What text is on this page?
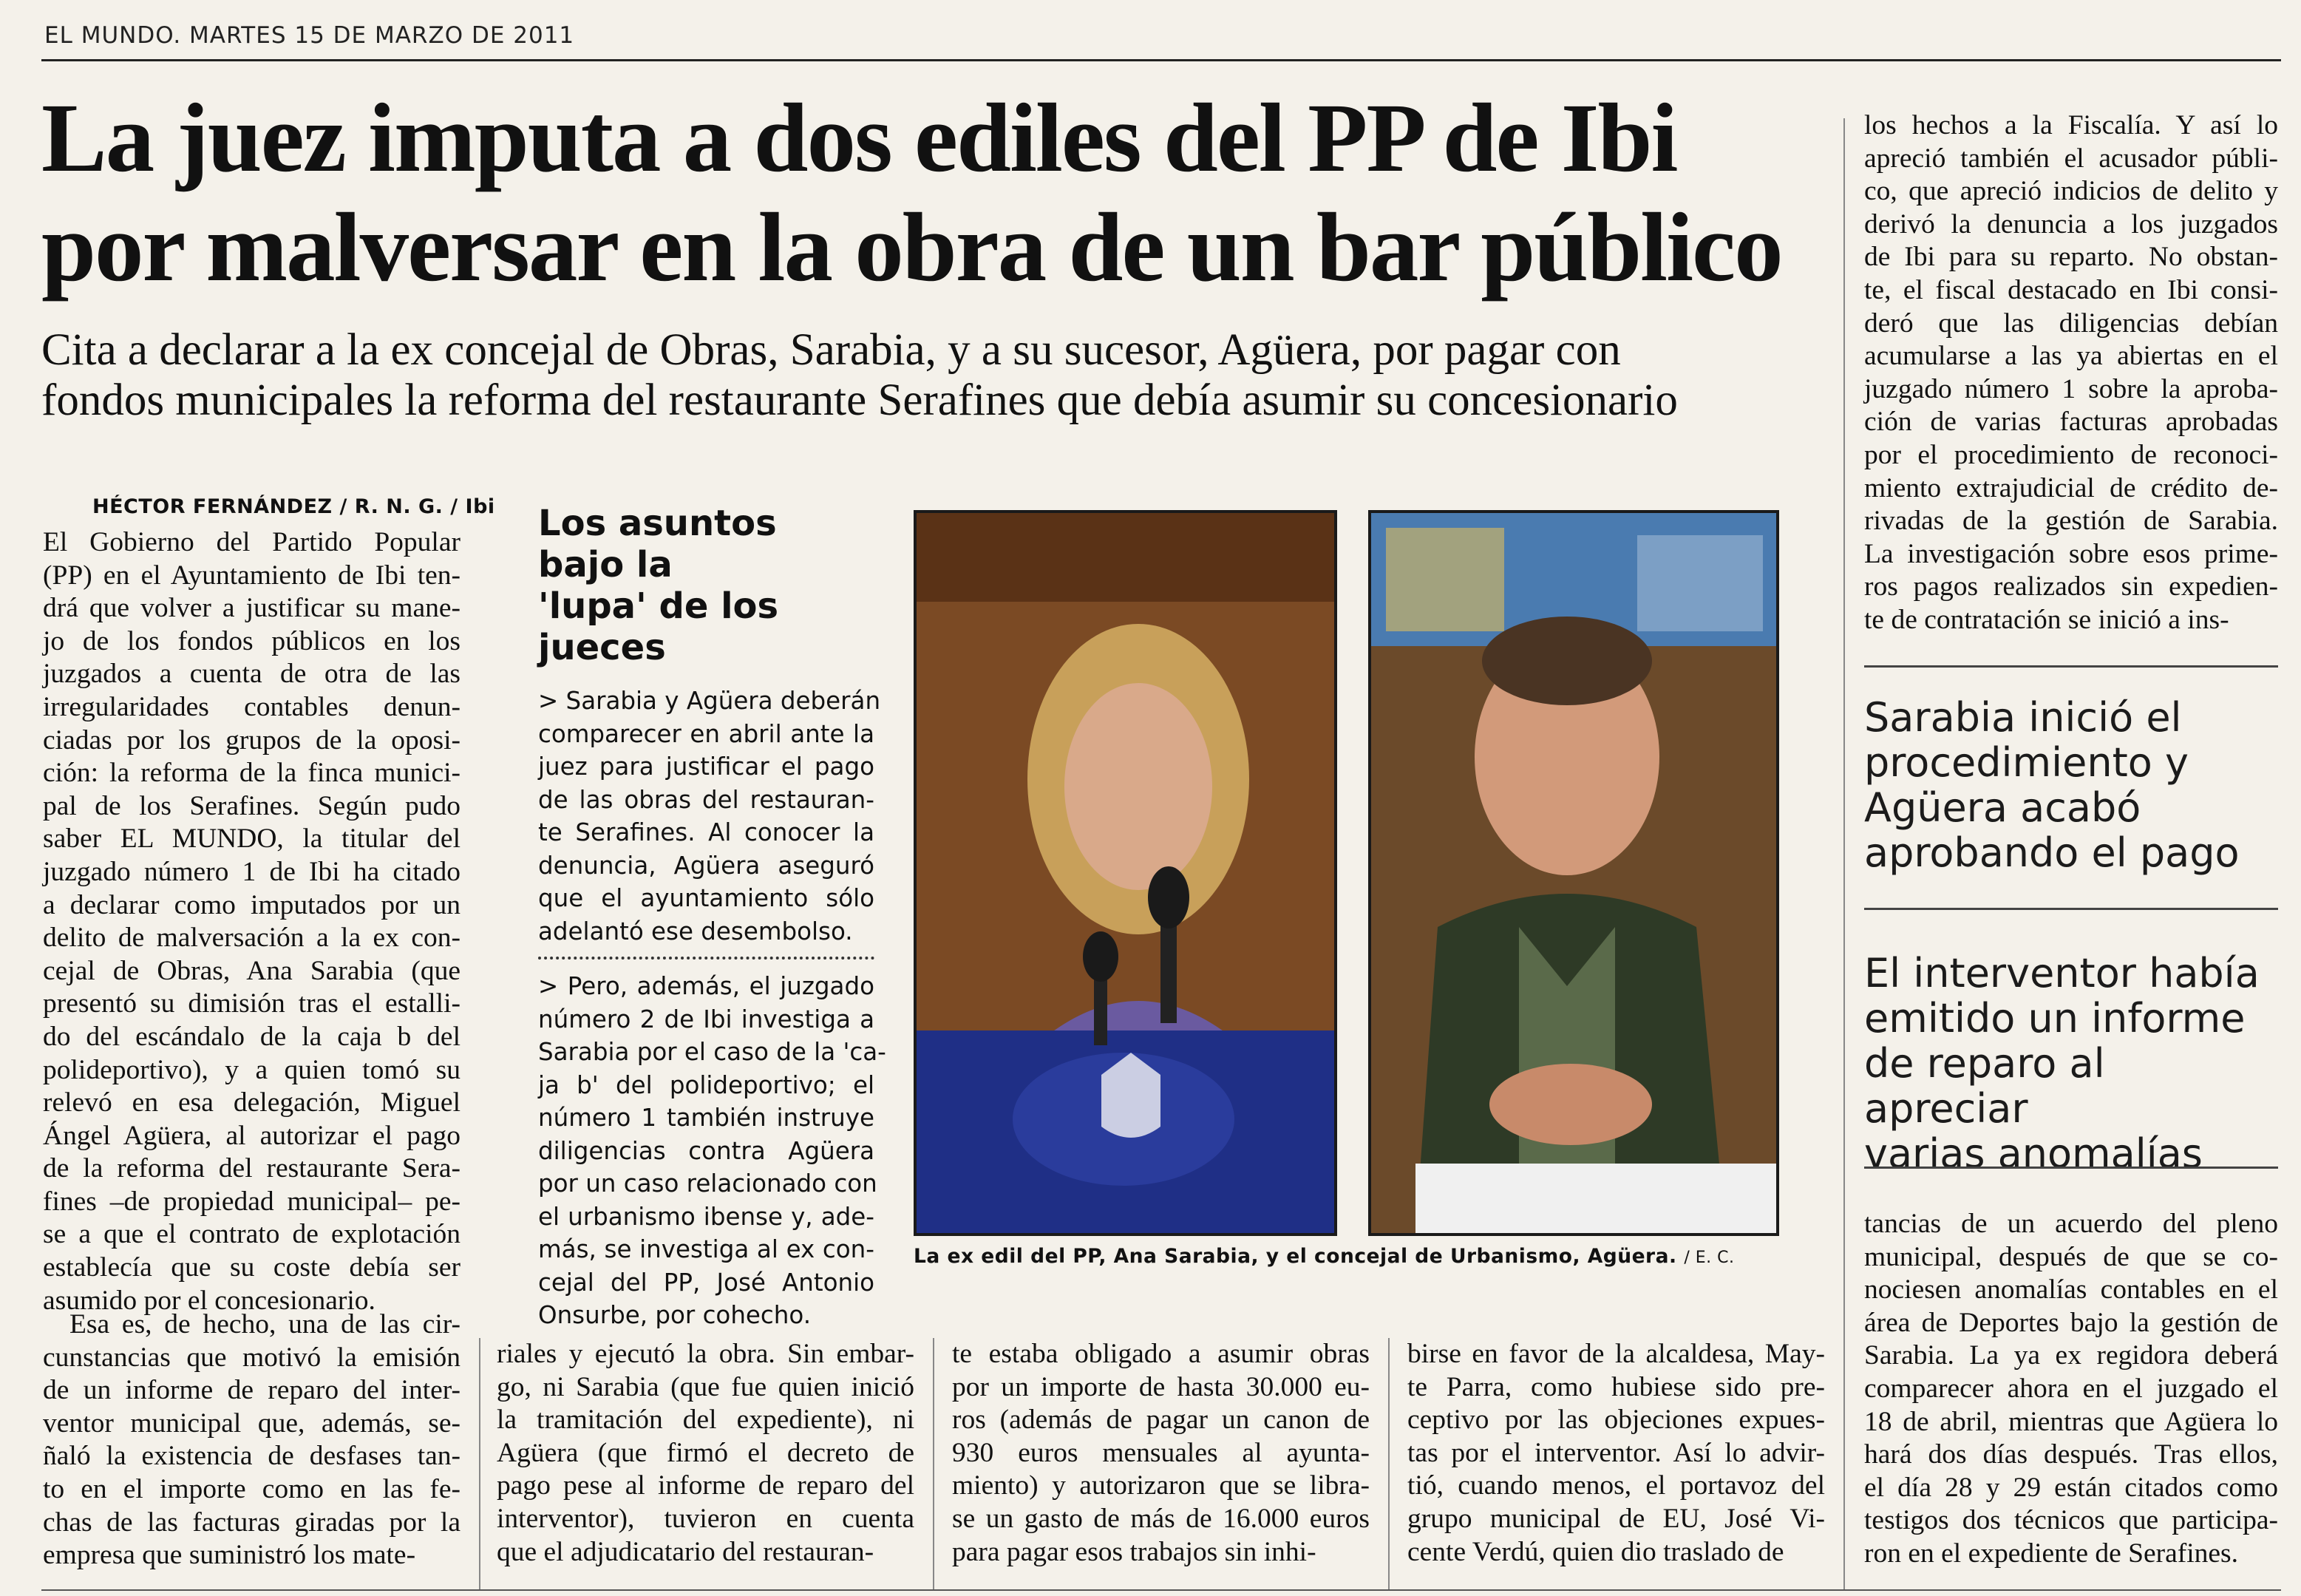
EL MUNDO. MARTES 15 DE MARZO DE 2011
La juez imputa a dos ediles del PP de Ibi
por malversar en la obra de un bar público
Cita a declarar a la ex concejal de Obras, Sarabia, y a su sucesor, Agüera, por pagar con
fondos municipales la reforma del restaurante Serafines que debía asumir su concesionario
HÉCTOR FERNÁNDEZ / R. N. G. / Ibi
El Gobierno del Partido Popular
(PP) en el Ayuntamiento de Ibi ten-
drá que volver a justificar su mane-
jo de los fondos públicos en los
juzgados a cuenta de otra de las
irregularidades contables denun-
ciadas por los grupos de la oposi-
ción: la reforma de la finca munici-
pal de los Serafines. Según pudo
saber EL MUNDO, la titular del
juzgado número 1 de Ibi ha citado
a declarar como imputados por un
delito de malversación a la ex con-
cejal de Obras, Ana Sarabia (que
presentó su dimisión tras el estalli-
do del escándalo de la caja b del
polideportivo), y a quien tomó su
relevó en esa delegación, Miguel
Ángel Agüera, al autorizar el pago
de la reforma del restaurante Sera-
fines –de propiedad municipal– pe-
se a que el contrato de explotación
establecía que su coste debía ser
asumido por el concesionario.
Esa es, de hecho, una de las cir-
cunstancias que motivó la emisión
de un informe de reparo del inter-
ventor municipal que, además, se-
ñaló la existencia de desfases tan-
to en el importe como en las fe-
chas de las facturas giradas por la
empresa que suministró los mate-
Los asuntos bajo la
'lupa' de los jueces
> Sarabia y Agüera deberán
comparecer en abril ante la
juez para justificar el pago
de las obras del restauran-
te Serafines. Al conocer la
denuncia, Agüera aseguró
que el ayuntamiento sólo
adelantó ese desembolso.
> Pero, además, el juzgado
número 2 de Ibi investiga a
Sarabia por el caso de la 'ca-
ja b' del polideportivo; el
número 1 también instruye
diligencias contra Agüera
por un caso relacionado con
el urbanismo ibense y, ade-
más, se investiga al ex con-
cejal del PP, José Antonio
Onsurbe, por cohecho.
La ex edil del PP, Ana Sarabia, y el concejal de Urbanismo, Agüera. / E. C.
riales y ejecutó la obra. Sin embar-
go, ni Sarabia (que fue quien inició
la tramitación del expediente), ni
Agüera (que firmó el decreto de
pago pese al informe de reparo del
interventor), tuvieron en cuenta
que el adjudicatario del restauran-
te estaba obligado a asumir obras
por un importe de hasta 30.000 eu-
ros (además de pagar un canon de
930 euros mensuales al ayunta-
miento) y autorizaron que se libra-
se un gasto de más de 16.000 euros
para pagar esos trabajos sin inhi-
birse en favor de la alcaldesa, May-
te Parra, como hubiese sido pre-
ceptivo por las objeciones expues-
tas por el interventor. Así lo advir-
tió, cuando menos, el portavoz del
grupo municipal de EU, José Vi-
cente Verdú, quien dio traslado de
los hechos a la Fiscalía. Y así lo
apreció también el acusador públi-
co, que apreció indicios de delito y
derivó la denuncia a los juzgados
de Ibi para su reparto. No obstan-
te, el fiscal destacado en Ibi consi-
deró que las diligencias debían
acumularse a las ya abiertas en el
juzgado número 1 sobre la aproba-
ción de varias facturas aprobadas
por el procedimiento de reconoci-
miento extrajudicial de crédito de-
rivadas de la gestión de Sarabia.
La investigación sobre esos prime-
ros pagos realizados sin expedien-
te de contratación se inició a ins-
Sarabia inició el
procedimiento y
Agüera acabó
aprobando el pago
El interventor había
emitido un informe
de reparo al apreciar
varias anomalías
tancias de un acuerdo del pleno
municipal, después de que se co-
nociesen anomalías contables en el
área de Deportes bajo la gestión de
Sarabia. La ya ex regidora deberá
comparecer ahora en el juzgado el
18 de abril, mientras que Agüera lo
hará dos días después. Tras ellos,
el día 28 y 29 están citados como
testigos dos técnicos que participa-
ron en el expediente de Serafines.
